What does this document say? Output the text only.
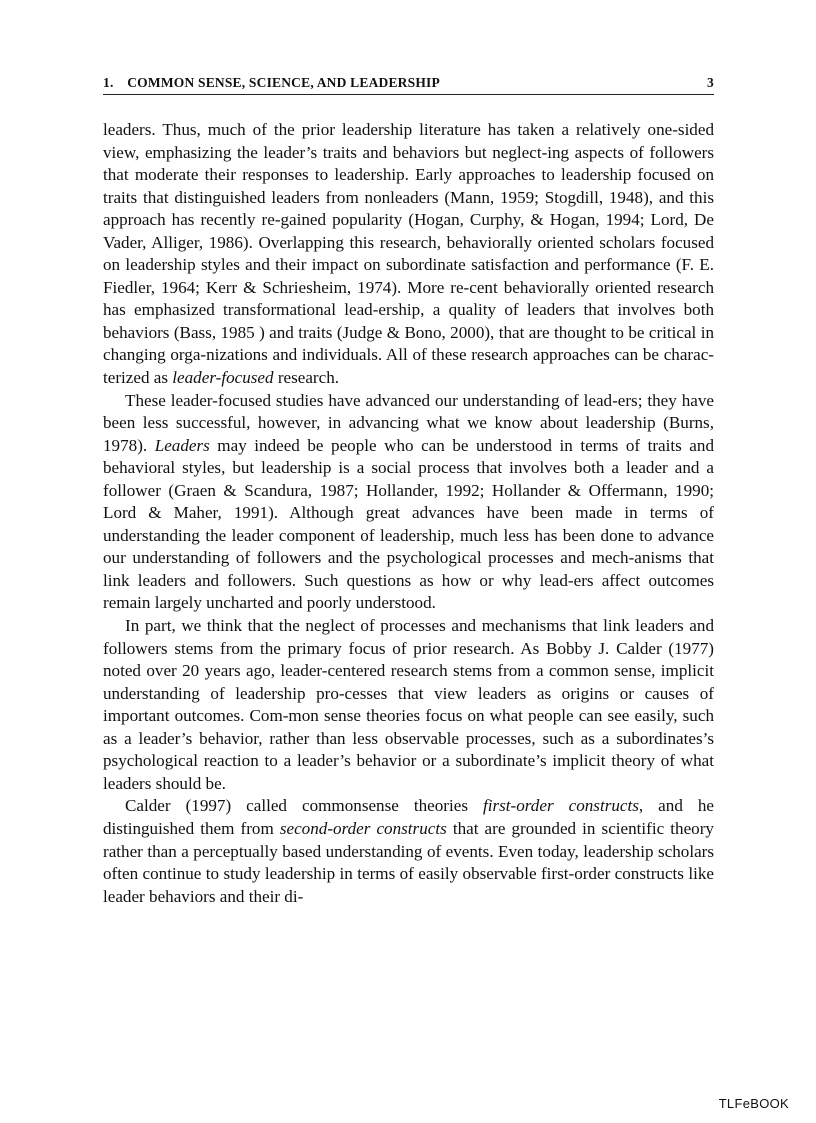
1. COMMON SENSE, SCIENCE, AND LEADERSHIP	3

leaders. Thus, much of the prior leadership literature has taken a relatively one-sided view, emphasizing the leader’s traits and behaviors but neglect-ing aspects of followers that moderate their responses to leadership. Early approaches to leadership focused on traits that distinguished leaders from nonleaders (Mann, 1959; Stogdill, 1948), and this approach has recently re-gained popularity (Hogan, Curphy, & Hogan, 1994; Lord, De Vader, Alliger, 1986). Overlapping this research, behaviorally oriented scholars focused on leadership styles and their impact on subordinate satisfaction and performance (F. E. Fiedler, 1964; Kerr & Schriesheim, 1974). More re-cent behaviorally oriented research has emphasized transformational lead-ership, a quality of leaders that involves both behaviors (Bass, 1985 ) and traits (Judge & Bono, 2000), that are thought to be critical in changing orga-nizations and individuals. All of these research approaches can be charac-terized as leader-focused research.

These leader-focused studies have advanced our understanding of lead-ers; they have been less successful, however, in advancing what we know about leadership (Burns, 1978). Leaders may indeed be people who can be understood in terms of traits and behavioral styles, but leadership is a social process that involves both a leader and a follower (Graen & Scandura, 1987; Hollander, 1992; Hollander & Offermann, 1990; Lord & Maher, 1991). Although great advances have been made in terms of understanding the leader component of leadership, much less has been done to advance our understanding of followers and the psychological processes and mech-anisms that link leaders and followers. Such questions as how or why lead-ers affect outcomes remain largely uncharted and poorly understood.

In part, we think that the neglect of processes and mechanisms that link leaders and followers stems from the primary focus of prior research. As Bobby J. Calder (1977) noted over 20 years ago, leader-centered research stems from a common sense, implicit understanding of leadership pro-cesses that view leaders as origins or causes of important outcomes. Com-mon sense theories focus on what people can see easily, such as a leader’s behavior, rather than less observable processes, such as a subordinates’s psychological reaction to a leader’s behavior or a subordinate’s implicit theory of what leaders should be.

Calder (1997) called commonsense theories first-order constructs, and he distinguished them from second-order constructs that are grounded in scientific theory rather than a perceptually based understanding of events. Even today, leadership scholars often continue to study leadership in terms of easily observable first-order constructs like leader behaviors and their di-

TLFeBOOK
